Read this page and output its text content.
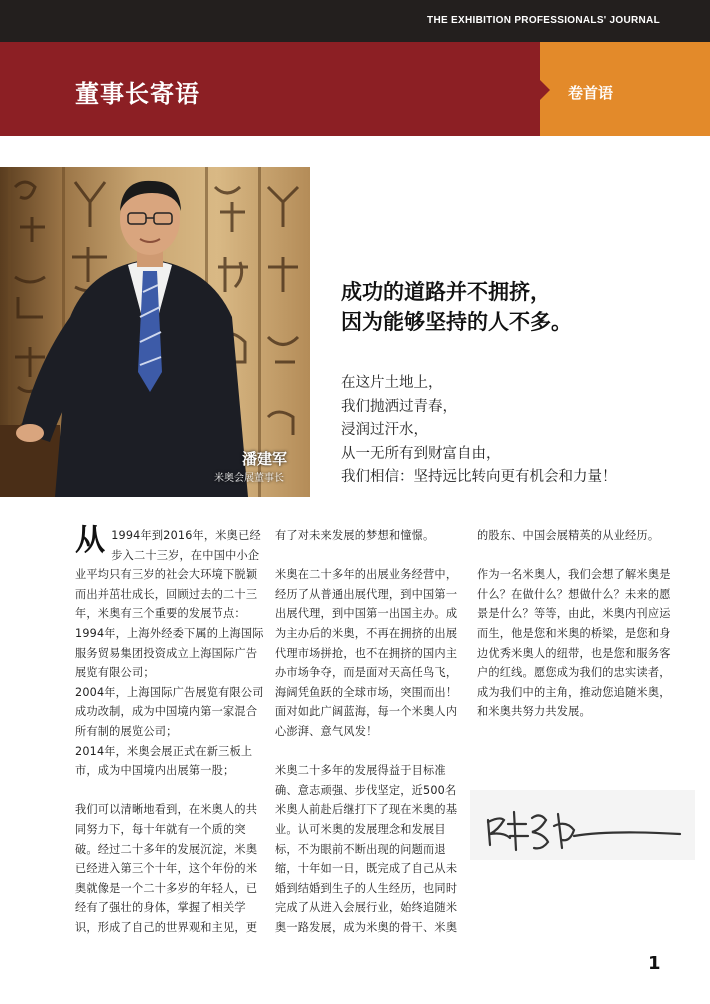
THE EXHIBITION PROFESSIONALS' JOURNAL
董事长寄语	卷首语
潘建军
米奥会展董事长
成功的道路并不拥挤，
因为能够坚持的人不多。
在这片土地上，
我们抛洒过青春，
浸润过汗水，
从一无所有到财富自由，
我们相信：坚持远比转向更有机会和力量！

从 1994年到2016年，米奥已经步入二十三岁，在中国中小企业平均只有三岁的社会大环境下脱颖而出并茁壮成长，回顾过去的二十三年，米奥有三个重要的发展节点：

1994年，上海外经委下属的上海国际服务贸易集团投资成立上海国际广告展览有限公司；

2004年，上海国际广告展览有限公司成功改制，成为中国境内第一家混合所有制的展览公司；

2014年，米奥会展正式在新三板上市，成为中国境内出展第一股；

我们可以清晰地看到，在米奥人的共同努力下，每十年就有一个质的突破。经过二十多年的发展沉淀，米奥已经进入第三个十年，这个年份的米奥就像是一个二十多岁的年轻人，已经有了强壮的身体，掌握了相关学识，形成了自己的世界观和主见，更

有了对未来发展的梦想和憧憬。

米奥在二十多年的出展业务经营中，经历了从普通出展代理，到中国第一出展代理，到中国第一出国主办。成为主办后的米奥，不再在拥挤的出展代理市场拼抢，也不在拥挤的国内主办市场争夺，而是面对天高任鸟飞，海阔凭鱼跃的全球市场，突围而出！面对如此广阔蓝海，每一个米奥人内心澎湃、意气风发！

米奥二十多年的发展得益于目标准确、意志顽强、步伐坚定，近500名米奥人前赴后继打下了现在米奥的基业。认可米奥的发展理念和发展目标，不为眼前不断出现的问题而退缩，十年如一日，既完成了自己从未婚到结婚到生子的人生经历，也同时完成了从进入会展行业，始终追随米奥一路发展，成为米奥的骨干、米奥

的股东、中国会展精英的从业经历。

作为一名米奥人，我们会想了解米奥是什么？在做什么？想做什么？未来的愿景是什么？等等，由此，米奥内刊应运而生，他是您和米奥的桥梁，是您和身边优秀米奥人的纽带，也是您和服务客户的红线。愿您成为我们的忠实读者，成为我们中的主角，推动您追随米奥，和米奥共努力共发展。

1
